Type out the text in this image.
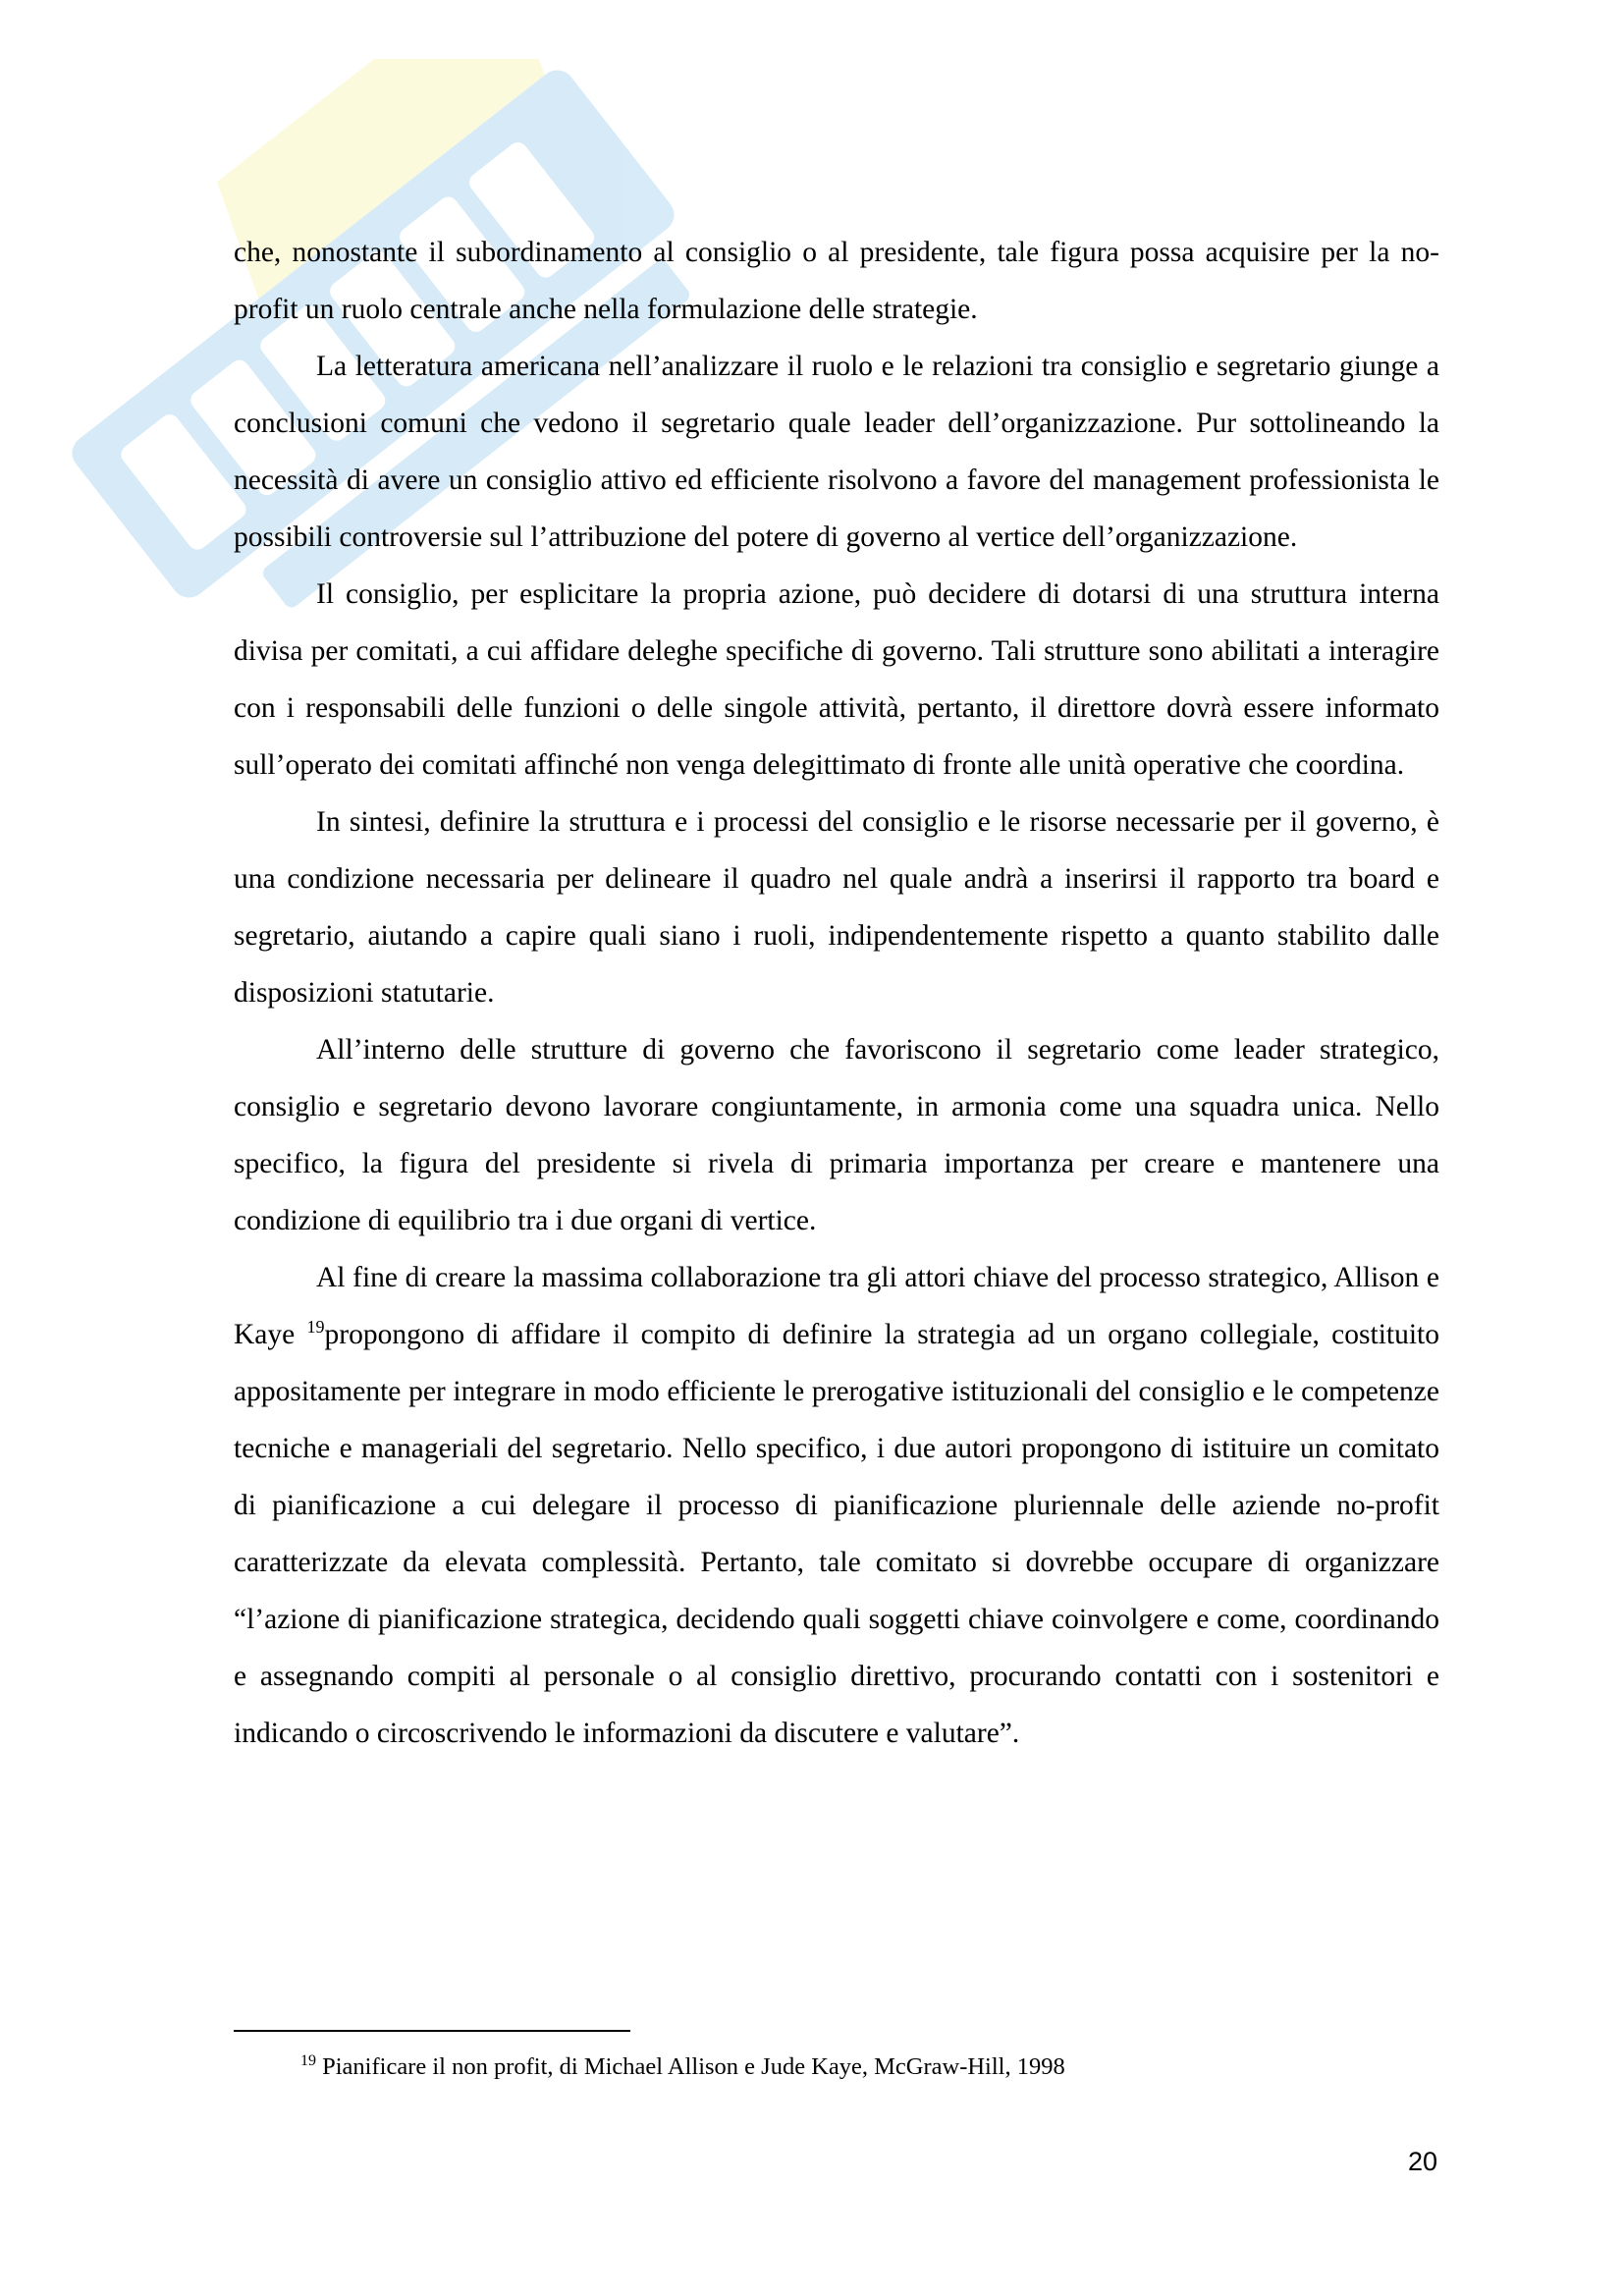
che, nonostante il subordinamento al consiglio o al presidente, tale figura possa acquisire per la no-profit un ruolo centrale anche nella formulazione delle strategie.

La letteratura americana nell’analizzare il ruolo e le relazioni tra consiglio e segretario giunge a conclusioni comuni che vedono il segretario quale leader dell’organizzazione. Pur sottolineando la necessità di avere un consiglio attivo ed efficiente risolvono a favore del management professionista le possibili controversie sul l’attribuzione del potere di governo al vertice dell’organizzazione.

Il consiglio, per esplicitare la propria azione, può decidere di dotarsi di una struttura interna divisa per comitati, a cui affidare deleghe specifiche di governo. Tali strutture sono abilitati a interagire con i responsabili delle funzioni o delle singole attività, pertanto, il direttore dovrà essere informato sull’operato dei comitati affinché non venga delegittimato di fronte alle unità operative che coordina.

In sintesi, definire la struttura e i processi del consiglio e le risorse necessarie per il governo, è una condizione necessaria per delineare il quadro nel quale andrà a inserirsi il rapporto tra board e segretario, aiutando a capire quali siano i ruoli, indipendentemente rispetto a quanto stabilito dalle disposizioni statutarie.

All’interno delle strutture di governo che favoriscono il segretario come leader strategico, consiglio e segretario devono lavorare congiuntamente, in armonia come una squadra unica. Nello specifico, la figura del presidente si rivela di primaria importanza per creare e mantenere una condizione di equilibrio tra i due organi di vertice.

Al fine di creare la massima collaborazione tra gli attori chiave del processo strategico, Allison e Kaye $^{19}$propongono di affidare il compito di definire la strategia ad un organo collegiale, costituito appositamente per integrare in modo efficiente le prerogative istituzionali del consiglio e le competenze tecniche e manageriali del segretario. Nello specifico, i due autori propongono di istituire un comitato di pianificazione a cui delegare il processo di pianificazione pluriennale delle aziende no-profit caratterizzate da elevata complessità. Pertanto, tale comitato si dovrebbe occupare di organizzare “l’azione di pianificazione strategica, decidendo quali soggetti chiave coinvolgere e come, coordinando e assegnando compiti al personale o al consiglio direttivo, procurando contatti con i sostenitori e indicando o circoscrivendo le informazioni da discutere e valutare”.

$^{19}$ Pianificare il non profit, di Michael Allison e Jude Kaye, McGraw-Hill, 1998
20
